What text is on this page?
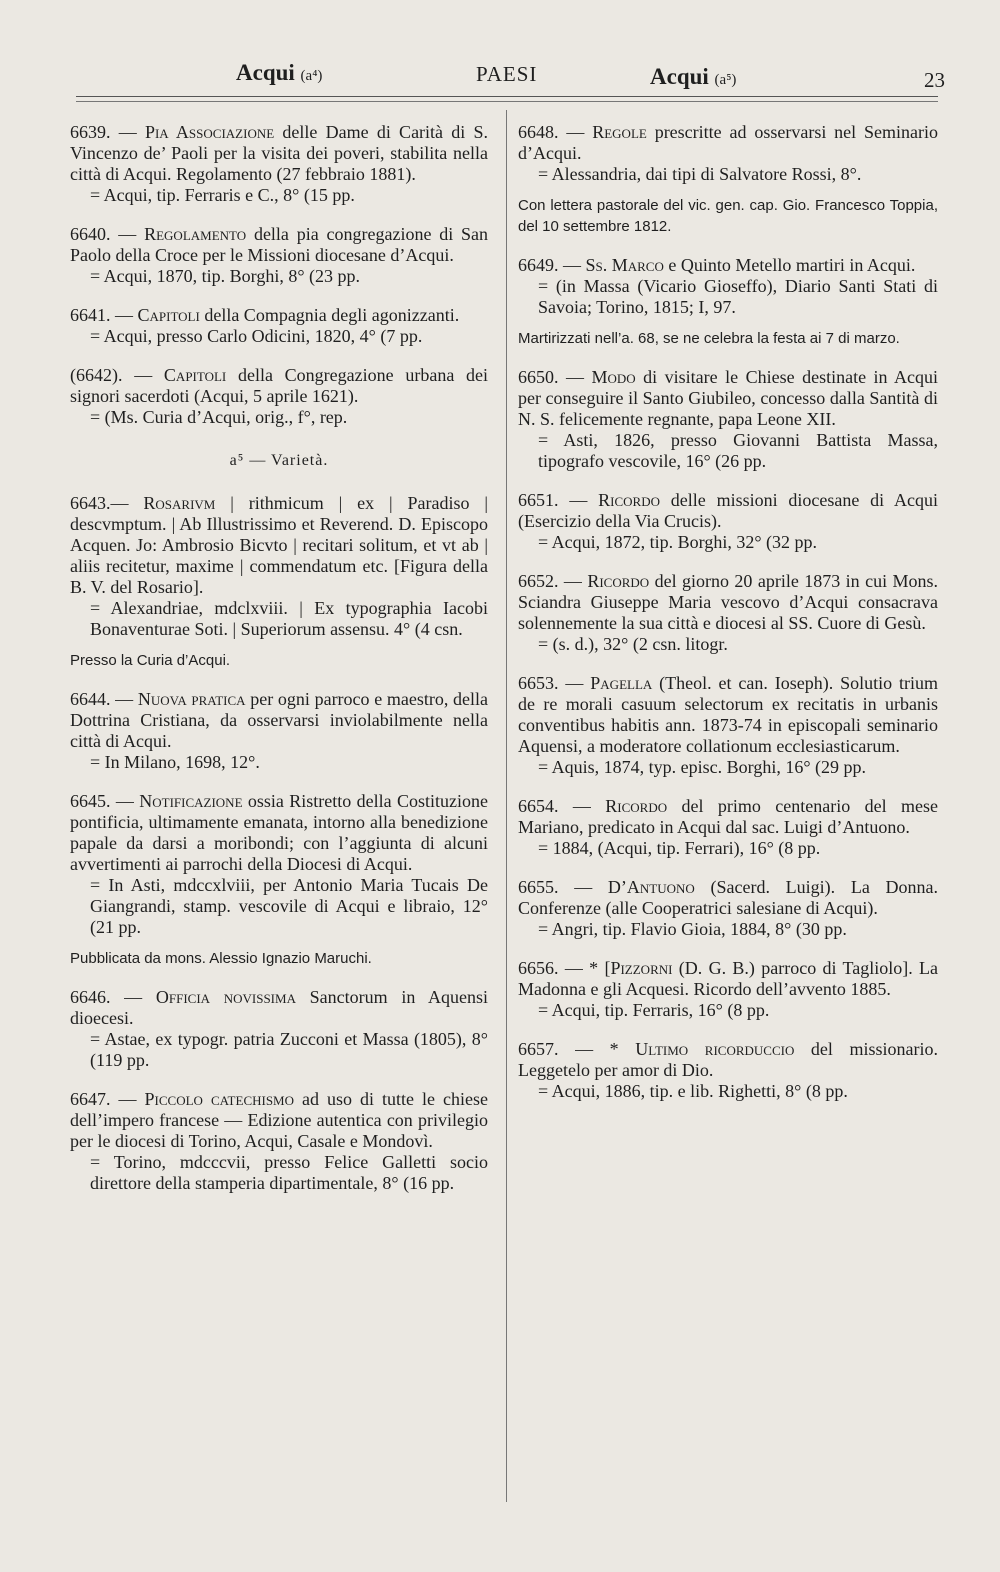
Acqui (a⁴)	PAESI	Acqui (a⁵)	23
6639. — Pia Associazione delle Dame di Carità di S. Vincenzo de’ Paoli per la visita dei poveri, stabilita nella città di Acqui. Regolamento (27 febbraio 1881).
= Acqui, tip. Ferraris e C., 8° (15 pp.
6640. — Regolamento della pia congregazione di San Paolo della Croce per le Missioni diocesane d’Acqui.
= Acqui, 1870, tip. Borghi, 8° (23 pp.
6641. — Capitoli della Compagnia degli agonizzanti.
= Acqui, presso Carlo Odicini, 1820, 4° (7 pp.
(6642). — Capitoli della Congregazione urbana dei signori sacerdoti (Acqui, 5 aprile 1621).
= (Ms. Curia d’Acqui, orig., f°, rep.
a⁵ — Varietà.
6643.— Rosarivm | rithmicum | ex | Paradiso | descvmptum. | Ab Illustrissimo et Reverend. D. Episcopo Acquen. Jo: Ambrosio Bicvto | recitari solitum, et vt ab | aliis recitetur, maxime | commendatum etc. [Figura della B. V. del Rosario].
= Alexandriae, mdclxviii. | Ex typographia Iacobi Bonaventurae Soti. | Superiorum assensu. 4° (4 csn.
Presso la Curia d’Acqui.
6644. — Nuova pratica per ogni parroco e maestro, della Dottrina Cristiana, da osservarsi inviolabilmente nella città di Acqui.
= In Milano, 1698, 12°.
6645. — Notificazione ossia Ristretto della Costituzione pontificia, ultimamente emanata, intorno alla benedizione papale da darsi a moribondi; con l’aggiunta di alcuni avvertimenti ai parrochi della Diocesi di Acqui.
= In Asti, mdccxlviii, per Antonio Maria Tucais De Giangrandi, stamp. vescovile di Acqui e libraio, 12° (21 pp.
Pubblicata da mons. Alessio Ignazio Maruchi.
6646. — Officia novissima Sanctorum in Aquensi dioecesi.
= Astae, ex typogr. patria Zucconi et Massa (1805), 8° (119 pp.
6647. — Piccolo catechismo ad uso di tutte le chiese dell’impero francese — Edizione autentica con privilegio per le diocesi di Torino, Acqui, Casale e Mondovì.
= Torino, mdcccvii, presso Felice Galletti socio direttore della stamperia dipartimentale, 8° (16 pp.
6648. — Regole prescritte ad osservarsi nel Seminario d’Acqui.
= Alessandria, dai tipi di Salvatore Rossi, 8°.
Con lettera pastorale del vic. gen. cap. Gio. Francesco Toppia, del 10 settembre 1812.
6649. — Ss. Marco e Quinto Metello martiri in Acqui.
= (in Massa (Vicario Gioseffo), Diario Santi Stati di Savoia; Torino, 1815; I, 97.
Martirizzati nell’a. 68, se ne celebra la festa ai 7 di marzo.
6650. — Modo di visitare le Chiese destinate in Acqui per conseguire il Santo Giubileo, concesso dalla Santità di N. S. felicemente regnante, papa Leone XII.
= Asti, 1826, presso Giovanni Battista Massa, tipografo vescovile, 16° (26 pp.
6651. — Ricordo delle missioni diocesane di Acqui (Esercizio della Via Crucis).
= Acqui, 1872, tip. Borghi, 32° (32 pp.
6652. — Ricordo del giorno 20 aprile 1873 in cui Mons. Sciandra Giuseppe Maria vescovo d’Acqui consacrava solennemente la sua città e diocesi al SS. Cuore di Gesù.
= (s. d.), 32° (2 csn. litogr.
6653. — Pagella (Theol. et can. Ioseph). Solutio trium de re morali casuum selectorum ex recitatis in urbanis conventibus habitis ann. 1873-74 in episcopali seminario Aquensi, a moderatore collationum ecclesiasticarum.
= Aquis, 1874, typ. episc. Borghi, 16° (29 pp.
6654. — Ricordo del primo centenario del mese Mariano, predicato in Acqui dal sac. Luigi d’Antuono.
= 1884, (Acqui, tip. Ferrari), 16° (8 pp.
6655. — D’Antuono (Sacerd. Luigi). La Donna. Conferenze (alle Cooperatrici salesiane di Acqui).
= Angri, tip. Flavio Gioia, 1884, 8° (30 pp.
6656. — * [Pizzorni (D. G. B.) parroco di Tagliolo]. La Madonna e gli Acquesi. Ricordo dell’avvento 1885.
= Acqui, tip. Ferraris, 16° (8 pp.
6657. — * Ultimo ricorduccio del missionario. Leggetelo per amor di Dio.
= Acqui, 1886, tip. e lib. Righetti, 8° (8 pp.
